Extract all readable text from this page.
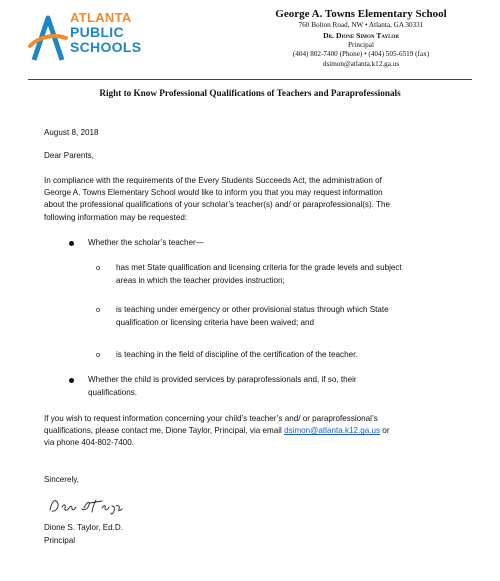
ATLANTA
PUBLIC
SCHOOLS
George A. Towns Elementary School
760 Bolton Road, NW • Atlanta, GA 30331
Dr. Dione Simon Taylor
Principal
(404) 802-7400 (Phone) • (404) 505-6519 (fax)
dsimon@atlanta.k12.ga.us
Right to Know Professional Qualifications of Teachers and Paraprofessionals
August 8, 2018
Dear Parents,
In compliance with the requirements of the Every Students Succeeds Act, the administration of
George A. Towns Elementary School would like to inform you that you may request information
about the professional qualifications of your scholar’s teacher(s) and/ or paraprofessional(s). The
following information may be requested:
Whether the scholar’s teacher—
o has met State qualification and licensing criteria for the grade levels and subject
areas in which the teacher provides instruction;
o is teaching under emergency or other provisional status through which State
qualification or licensing criteria have been waived; and
o is teaching in the field of discipline of the certification of the teacher.
Whether the child is provided services by paraprofessionals and, if so, their
qualifications.
If you wish to request information concerning your child’s teacher’s and/ or paraprofessional’s
qualifications, please contact me, Dione Taylor, Principal, via email dsimon@atlanta.k12.ga.us or
via phone 404-802-7400.
Sincerely,
Dione S. Taylor, Ed.D.
Principal
